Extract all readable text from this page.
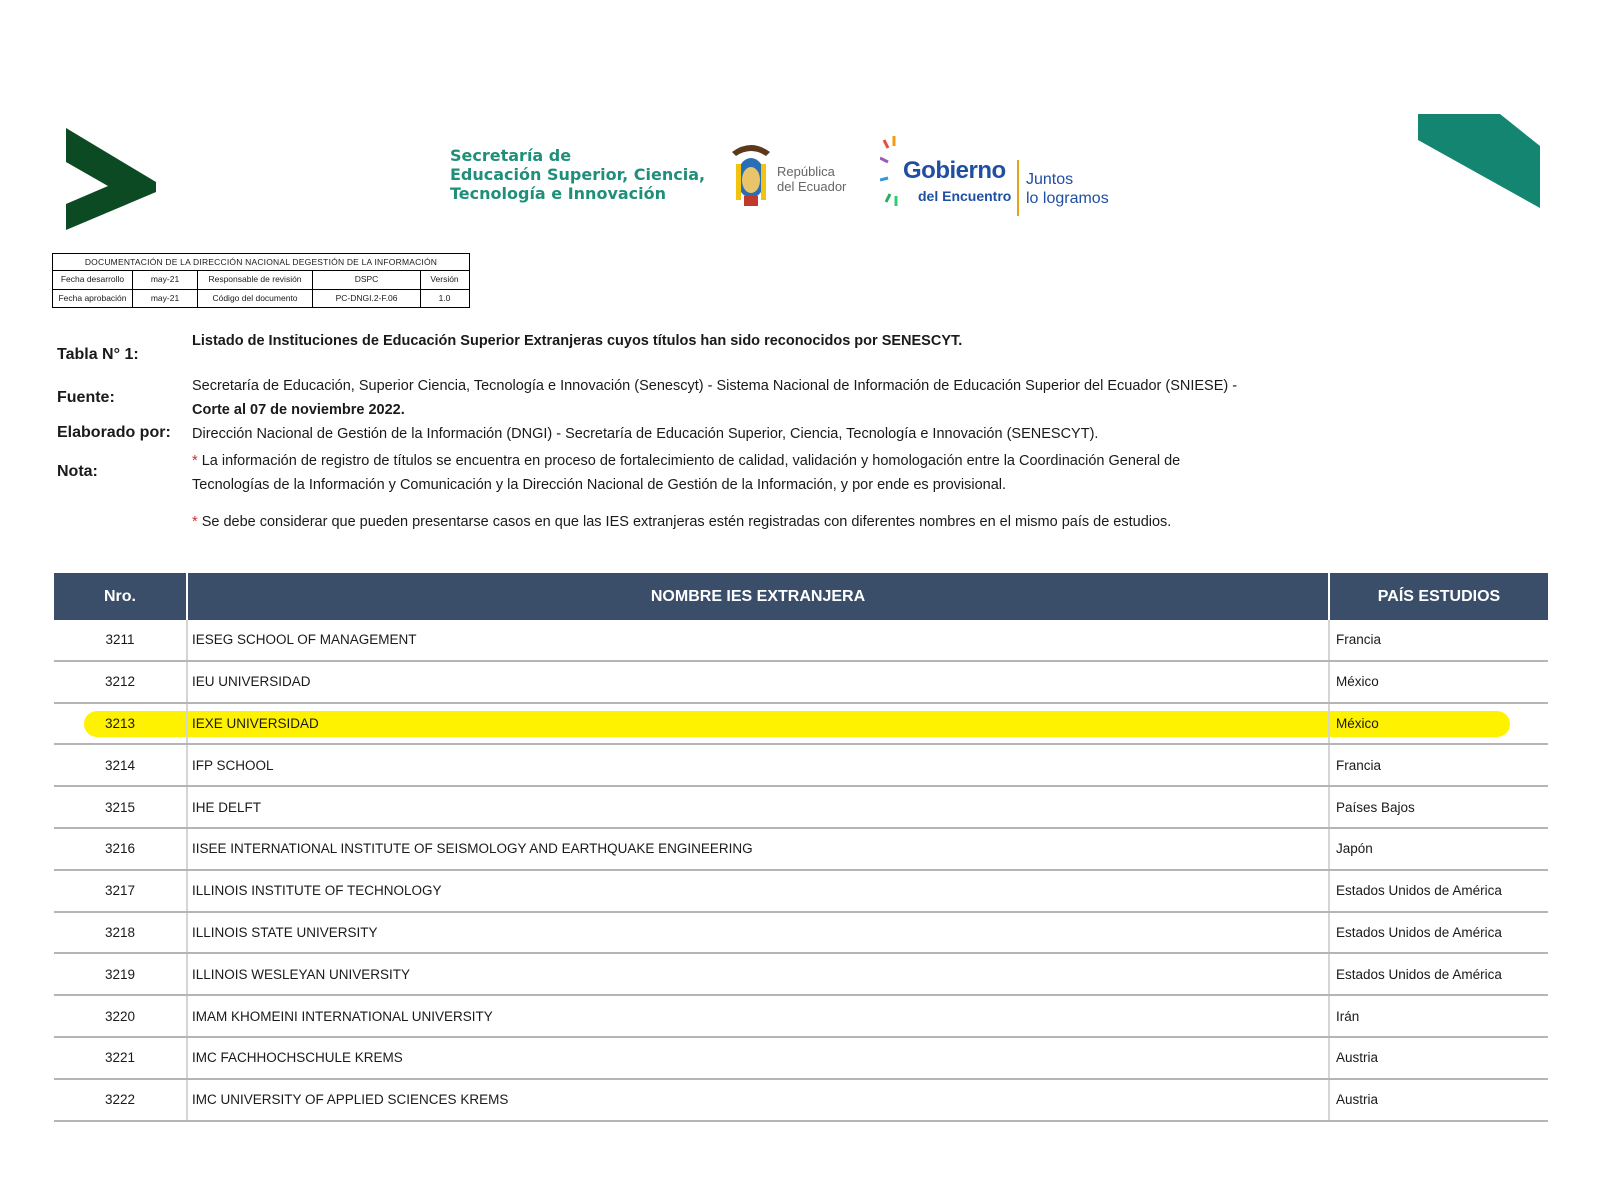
Secretaría de
Educación Superior, Ciencia,
Tecnología e Innovación
República
del Ecuador
Gobierno
del Encuentro
Juntos
lo logramos
DOCUMENTACIÓN DE LA DIRECCIÓN NACIONAL DEGESTIÓN DE LA INFORMACIÓN
Fecha desarrollo	may-21	Responsable de revisión	DSPC	Versión
Fecha aprobación	may-21	Código del documento	PC-DNGI.2-F.06	1.0
Tabla N° 1:
Listado de Instituciones de Educación Superior Extranjeras cuyos títulos han sido reconocidos por SENESCYT.
Fuente:
Secretaría de Educación, Superior Ciencia, Tecnología e Innovación (Senescyt) - Sistema Nacional de Información de Educación Superior del Ecuador (SNIESE) -
Corte al 07 de noviembre 2022.
Elaborado por: Dirección Nacional de Gestión de la Información (DNGI) - Secretaría de Educación Superior, Ciencia, Tecnología e Innovación (SENESCYT).
Nota:
* La información de registro de títulos se encuentra en proceso de fortalecimiento de calidad, validación y homologación entre la Coordinación General de
Tecnologías de la Información y Comunicación y la Dirección Nacional de Gestión de la Información, y por ende es provisional.
* Se debe considerar que pueden presentarse casos en que las IES extranjeras estén registradas con diferentes nombres en el mismo país de estudios.
Nro.	NOMBRE IES EXTRANJERA	PAÍS ESTUDIOS
3211	IESEG SCHOOL OF MANAGEMENT	Francia
3212	IEU UNIVERSIDAD	México
3213	IEXE UNIVERSIDAD	México
3214	IFP SCHOOL	Francia
3215	IHE DELFT	Países Bajos
3216	IISEE INTERNATIONAL INSTITUTE OF SEISMOLOGY AND EARTHQUAKE ENGINEERING	Japón
3217	ILLINOIS INSTITUTE OF TECHNOLOGY	Estados Unidos de América
3218	ILLINOIS STATE UNIVERSITY	Estados Unidos de América
3219	ILLINOIS WESLEYAN UNIVERSITY	Estados Unidos de América
3220	IMAM KHOMEINI INTERNATIONAL UNIVERSITY	Irán
3221	IMC FACHHOCHSCHULE KREMS	Austria
3222	IMC UNIVERSITY OF APPLIED SCIENCES KREMS	Austria
